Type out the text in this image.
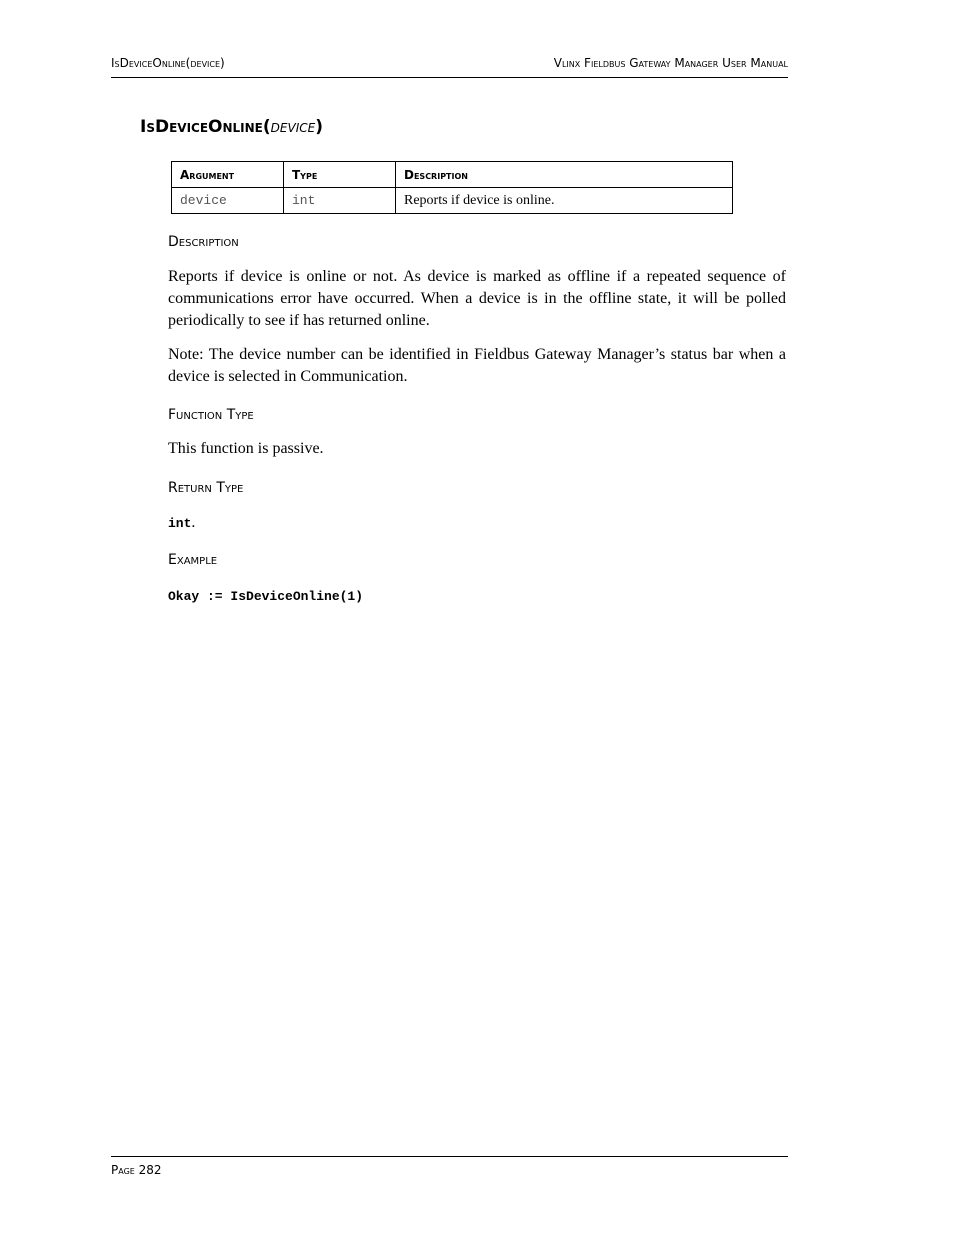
IsDeviceOnline(device)	Vlinx Fieldbus Gateway Manager User Manual
IsDeviceOnline(device)
Argument	Type	Description
device	int	Reports if device is online.
Description

Reports if device is online or not. As device is marked as offline if a repeated sequence of communications error have occurred. When a device is in the offline state, it will be polled periodically to see if has returned online.

Note: The device number can be identified in Fieldbus Gateway Manager’s status bar when a device is selected in Communication.

Function Type

This function is passive.

Return Type

int.

Example

Okay := IsDeviceOnline(1)

Page 282
